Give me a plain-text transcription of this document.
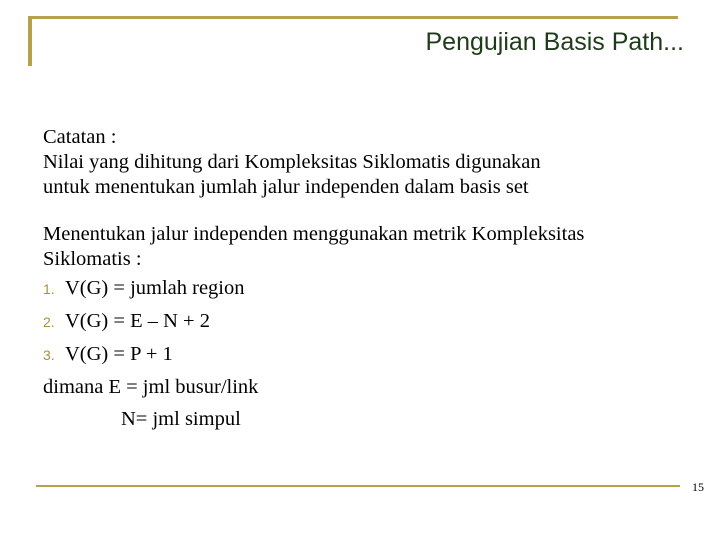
Pengujian Basis Path...

Catatan :

Nilai yang dihitung dari Kompleksitas Siklomatis digunakan

untuk menentukan jumlah jalur independen dalam basis set

Menentukan jalur independen menggunakan metrik Kompleksitas

Siklomatis :

1. V(G) = jumlah region
2. V(G) = E – N + 2
3. V(G) = P + 1

dimana E = jml busur/link

N= jml simpul

15
